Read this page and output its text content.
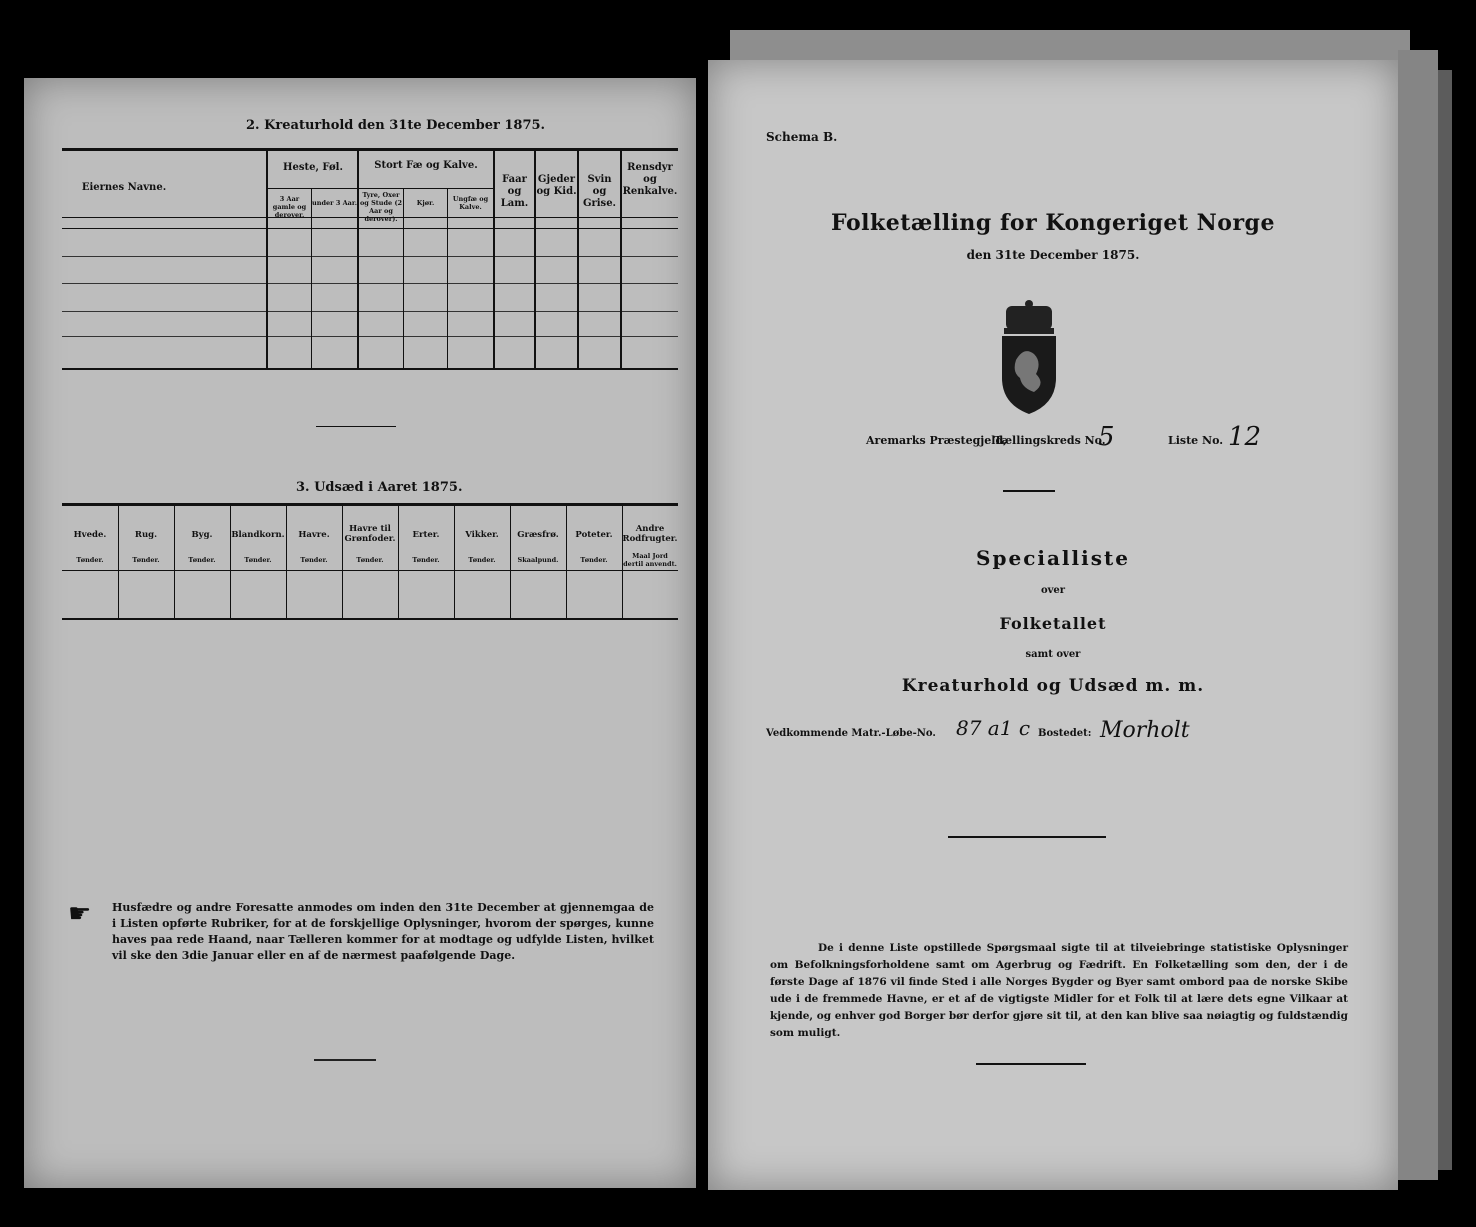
2. Kreaturhold den 31te December 1875.
Eiernes Navne.
Heste, Føl.
3 Aar gamle og derover.
under 3 Aar.
Stort Fæ og Kalve.
Tyre, Oxer og Stude (2 Aar og derover).
Kjør.	Ungfæ og Kalve.
Faar og Lam.
Gjeder og Kid.
Svin og Grise.
Rensdyr og Renkalve.
3. Udsæd i Aaret 1875.
Hvede.
Tønder.
Rug.
Tønder.
Byg.
Tønder.
Blandkorn.
Tønder.
Havre.
Tønder.
Havre til Grønfoder.
Tønder.
Erter.
Tønder.
Vikker.
Tønder.
Græsfrø.
Skaalpund.
Poteter.
Tønder.
Andre Rodfrugter.
Maal Jord dertil anvendt.
☛ Husfædre og andre Foresatte anmodes om inden den 31te December at gjennemgaa de i Listen opførte Rubriker, for at de forskjellige Oplysninger, hvorom der spørges, kunne haves paa rede Haand, naar Tælleren kommer for at modtage og udfylde Listen, hvilket vil ske den 3die Januar eller en af de nærmest paafølgende Dage.
Schema B.
Folketælling for Kongeriget Norge
den 31te December 1875.
Aremarks Præstegjeld,
Tællingskreds No.
5	Liste No. 12
Specialliste
over
Folketallet
samt over
Kreaturhold og Udsæd m. m.
Vedkommende Matr.-Løbe-No. 87 a1 c Bostedet: Morholt
De i denne Liste opstillede Spørgsmaal sigte til at tilveiebringe statistiske Oplysninger om Befolkningsforholdene samt om Agerbrug og Fædrift. En Folketælling som den, der i de første Dage af 1876 vil finde Sted i alle Norges Bygder og Byer samt ombord paa de norske Skibe ude i de fremmede Havne, er et af de vigtigste Midler for et Folk til at lære dets egne Vilkaar at kjende, og enhver god Borger bør derfor gjøre sit til, at den kan blive saa nøiagtig og fuldstændig som muligt.
